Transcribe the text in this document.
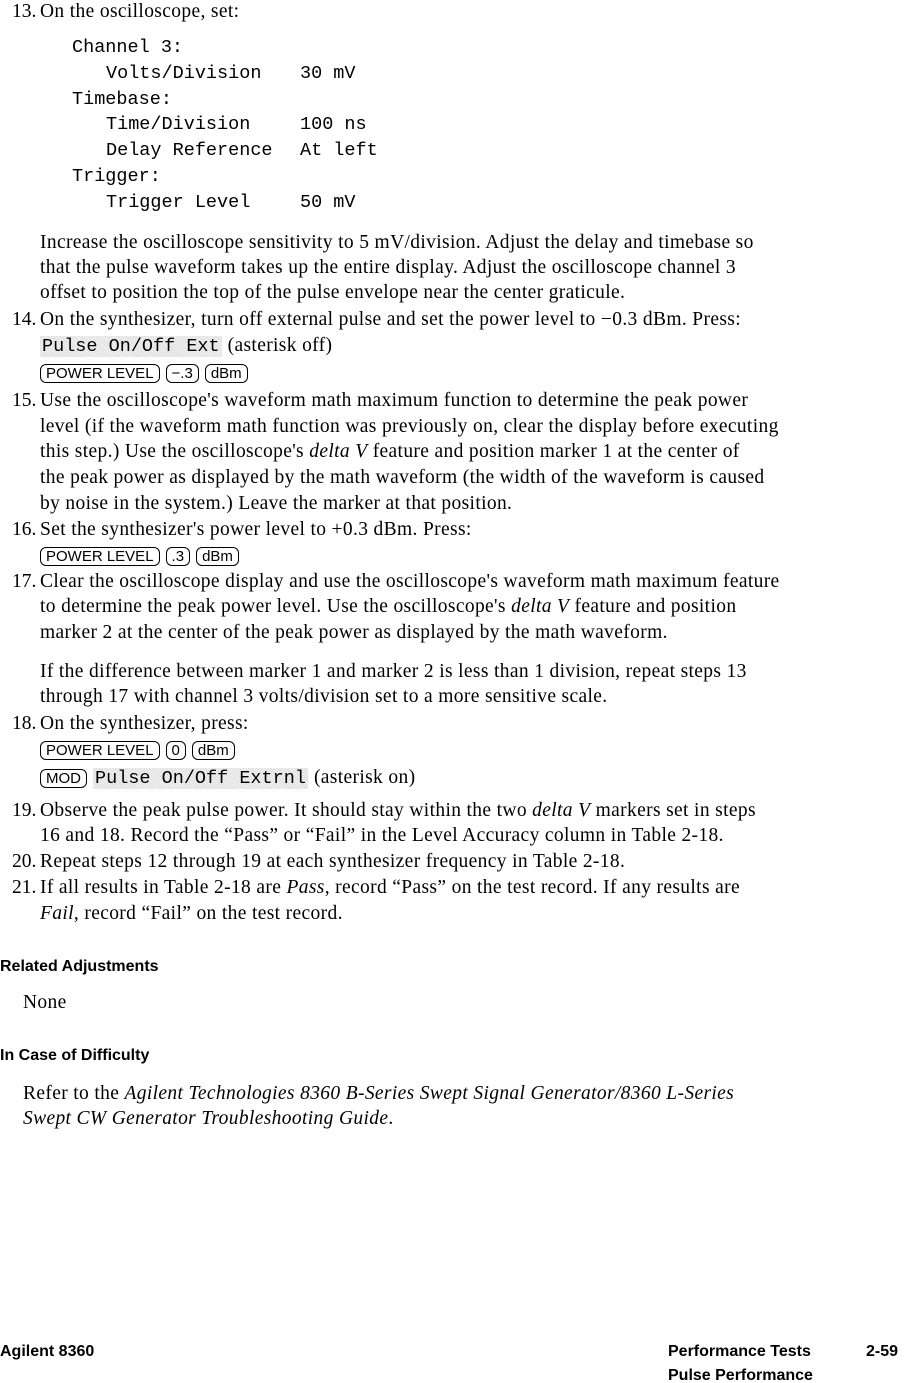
13. On the oscilloscope, set:
Channel 3:
Volts/Division 30 mV
Timebase:
Time/Division	100 ns
Delay Reference At left
Trigger:
Trigger Level	50 mV
Increase the oscilloscope sensitivity to 5 mV/division. Adjust the delay and timebase so
that the pulse waveform takes up the entire display. Adjust the oscilloscope channel 3
offset to position the top of the pulse envelope near the center graticule.
14. On the synthesizer, turn off external pulse and set the power level to −0.3 dBm. Press:
Pulse On/Off Ext (asterisk off)
POWER LEVEL −.3 dBm
15. Use the oscilloscope's waveform math maximum function to determine the peak power
level (if the waveform math function was previously on, clear the display before executing
this step.) Use the oscilloscope's delta V feature and position marker 1 at the center of
the peak power as displayed by the math waveform (the width of the waveform is caused
by noise in the system.) Leave the marker at that position.
16. Set the synthesizer's power level to +0.3 dBm. Press:
POWER LEVEL .3 dBm
17. Clear the oscilloscope display and use the oscilloscope's waveform math maximum feature
to determine the peak power level. Use the oscilloscope's delta V feature and position
marker 2 at the center of the peak power as displayed by the math waveform.
If the difference between marker 1 and marker 2 is less than 1 division, repeat steps 13
through 17 with channel 3 volts/division set to a more sensitive scale.
18. On the synthesizer, press:
POWER LEVEL 0 dBm
MOD Pulse On/Off Extrnl (asterisk on)
19. Observe the peak pulse power. It should stay within the two delta V markers set in steps
16 and 18. Record the “Pass” or “Fail” in the Level Accuracy column in Table 2-18.
20. Repeat steps 12 through 19 at each synthesizer frequency in Table 2-18.
21. If all results in Table 2-18 are Pass, record “Pass” on the test record. If any results are
Fail, record “Fail” on the test record.
Related Adjustments
None
In Case of Difficulty
Refer to the Agilent Technologies 8360 B-Series Swept Signal Generator/8360 L-Series
Swept CW Generator Troubleshooting Guide.
Agilent 8360	Performance Tests	2-59
Pulse Performance
